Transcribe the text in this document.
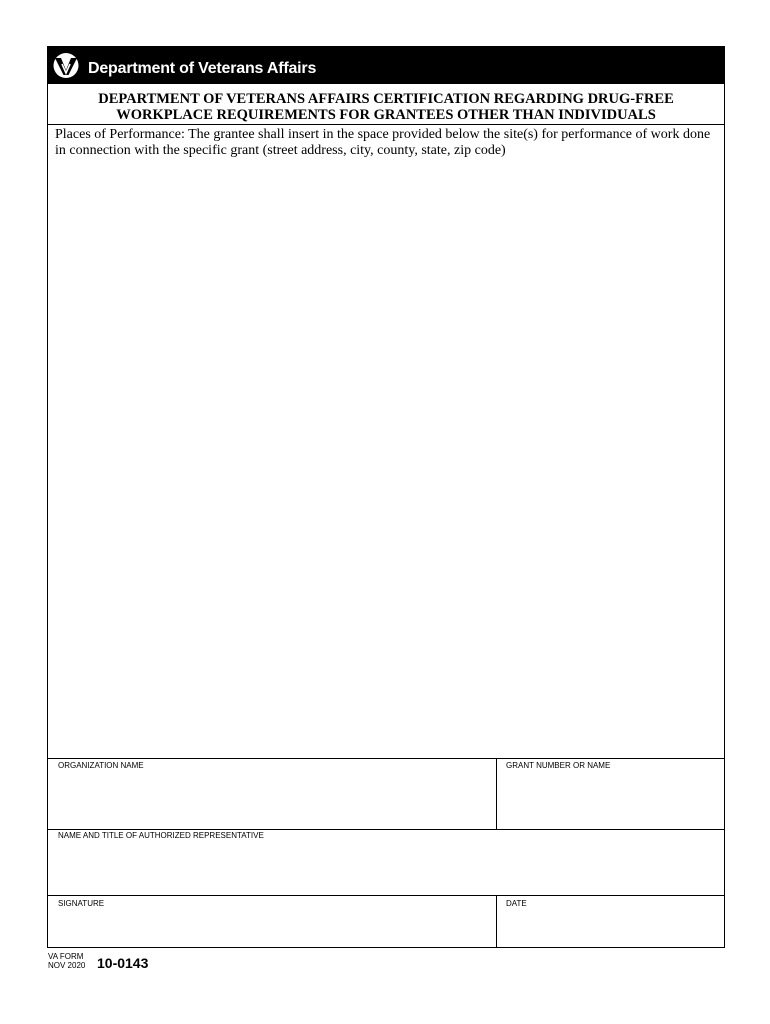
Department of Veterans Affairs
DEPARTMENT OF VETERANS AFFAIRS CERTIFICATION REGARDING DRUG-FREE
WORKPLACE REQUIREMENTS FOR GRANTEES OTHER THAN INDIVIDUALS
Places of Performance: The grantee shall insert in the space provided below the site(s) for performance of work done in connection with the specific grant (street address, city, county, state, zip code)
ORGANIZATION NAME	GRANT NUMBER OR NAME
NAME AND TITLE OF AUTHORIZED REPRESENTATIVE
SIGNATURE	DATE
VA FORM
NOV 2020 10-0143
